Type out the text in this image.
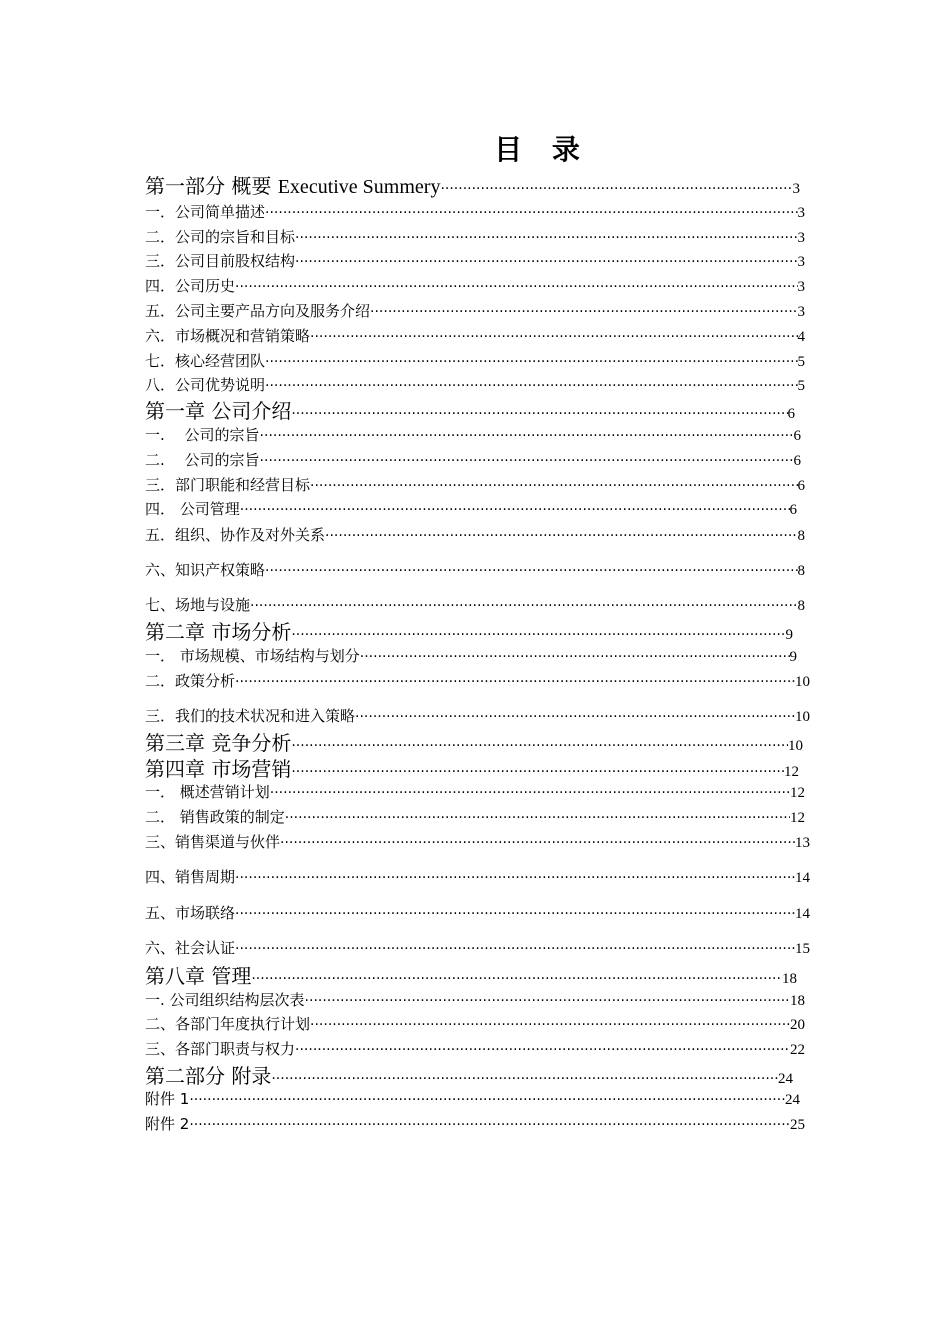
目 录
第一部分 概要 Executive Summery ·····	3
一．公司简单描述 ·····	3
二．公司的宗旨和目标 ·····	3
三．公司目前股权结构 ·····	3
四．公司历史 ·····	3
五．公司主要产品方向及服务介绍 ·····	3
六．市场概况和营销策略 ·····	4
七．核心经营团队 ·····	5
八．公司优势说明 ·····	5
第一章 公司介绍 ·····	6
一.　 公司的宗旨 ·····	6
二.　 公司的宗旨 ·····	6
三．部门职能和经营目标 ·····	6
四． 公司管理 ·····	6
五．组织、协作及对外关系 ·····	8
六、知识产权策略 ·····	8
七、场地与设施 ·····	8
第二章 市场分析 ·····	9
一． 市场规模、市场结构与划分 ·····	9
二．政策分析 ·····	10
三．我们的技术状况和进入策略 ·····	10
第三章 竞争分析 ·····	10
第四章 市场营销 ·····	12
一． 概述营销计划 ·····	12
二． 销售政策的制定 ·····	12
三、销售渠道与伙伴 ·····	13
四、销售周期 ·····	14
五、市场联络 ·····	14
六、社会认证 ·····	15
第八章 管理 ·····	18
一. 公司组织结构层次表 ·····	18
二、各部门年度执行计划 ·····	20
三、各部门职责与权力 ·····	22
第二部分 附录 ·····	24
附件 1 ·····	24
附件 2 ·····	25
